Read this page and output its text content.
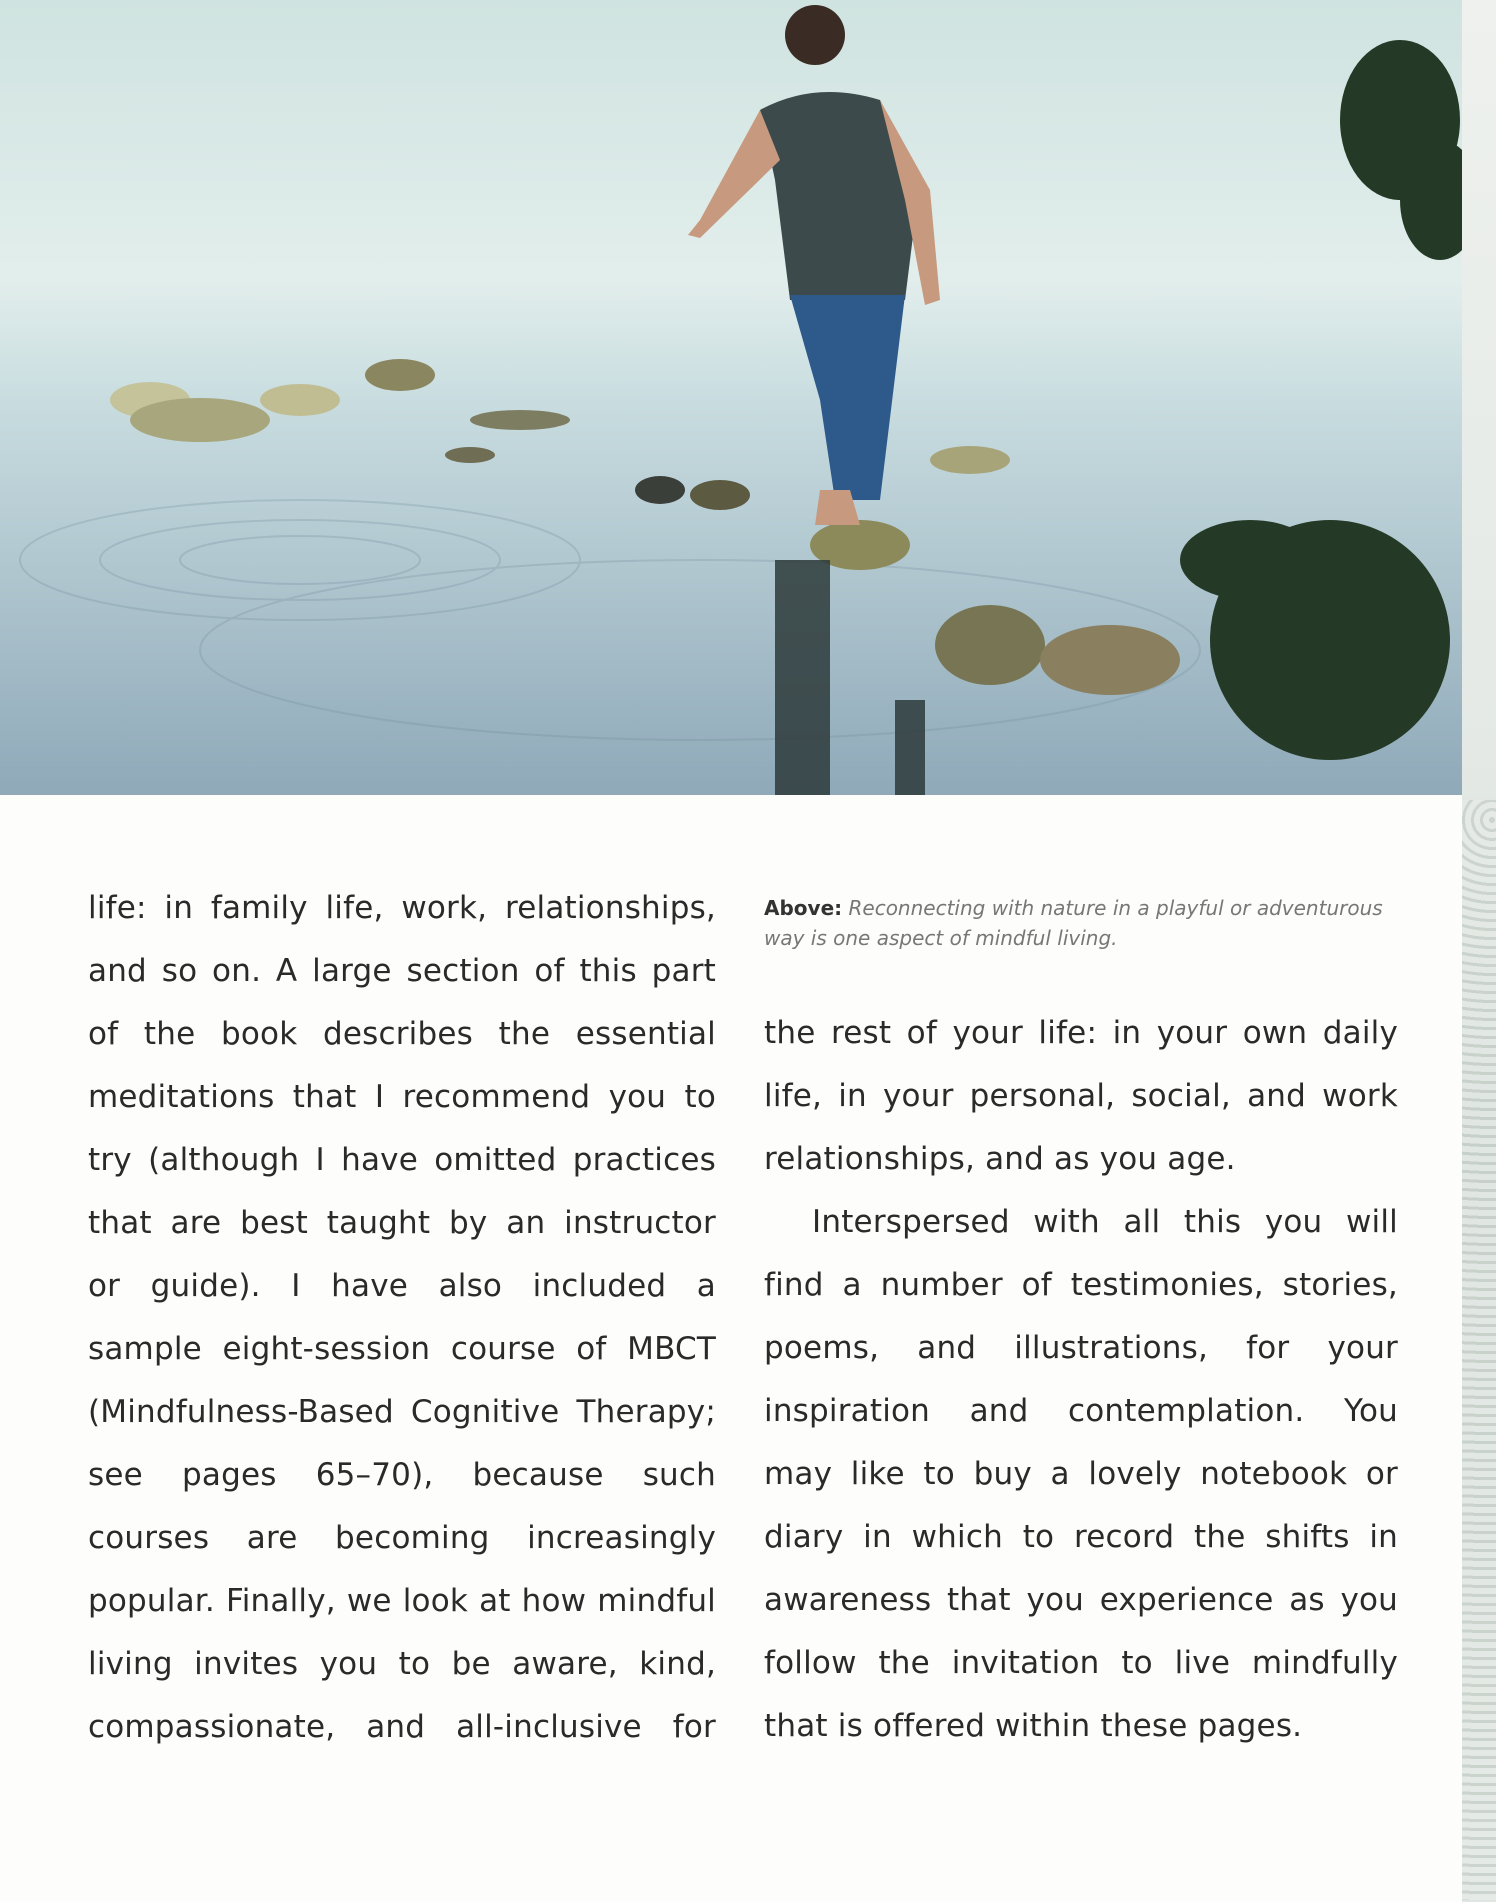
Above: Reconnecting with nature in a playful or adventurous way is one aspect of mindful living.
life: in family life, work, relationships,
and so on. A large section of this part
of the book describes the essential
meditations that I recommend you to
try (although I have omitted practices
that are best taught by an instructor
or guide). I have also included a
sample eight-session course of MBCT
(Mindfulness-Based Cognitive Therapy;
see pages 65–70), because such
courses are becoming increasingly
popular. Finally, we look at how mindful
living invites you to be aware, kind,
compassionate, and all-inclusive for
the rest of your life: in your own daily
life, in your personal, social, and work
relationships, and as you age.
Interspersed with all this you will
find a number of testimonies, stories,
poems, and illustrations, for your
inspiration and contemplation. You
may like to buy a lovely notebook or
diary in which to record the shifts in
awareness that you experience as you
follow the invitation to live mindfully
that is offered within these pages.
